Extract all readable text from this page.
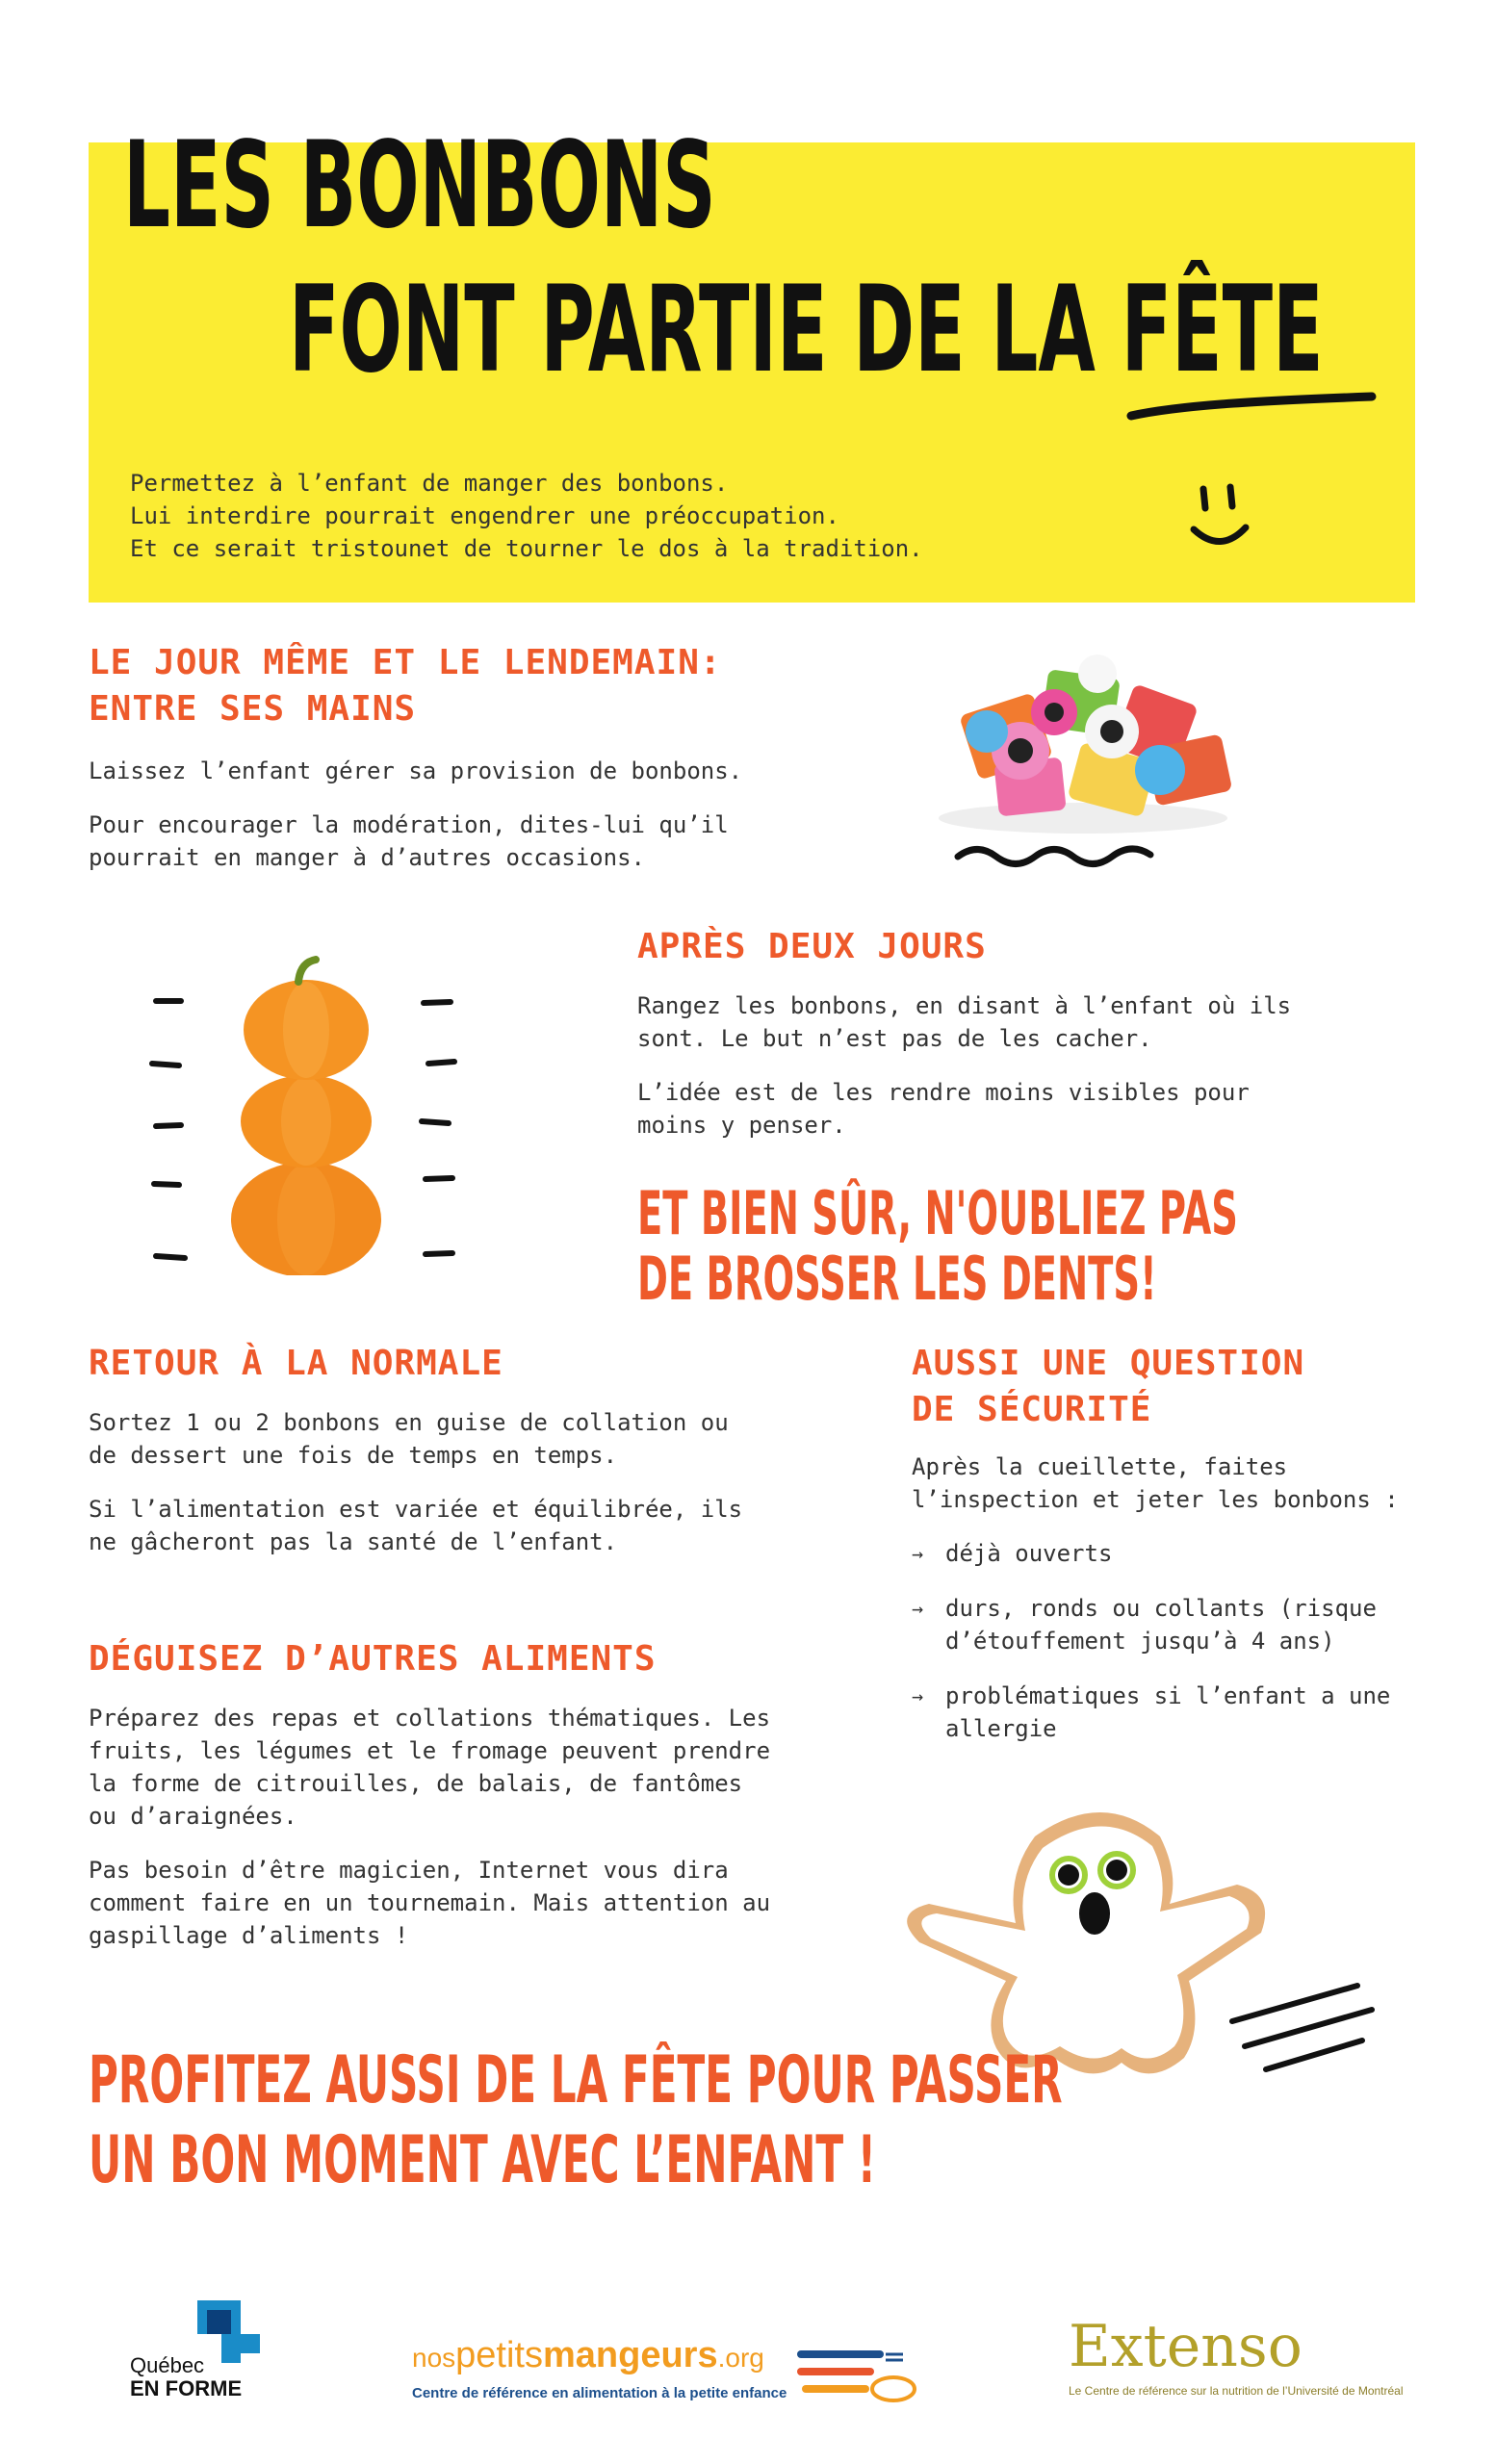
LES BONBONS
FONT PARTIE DE LA FÊTE

Permettez à l’enfant de manger des bonbons.

Lui interdire pourrait engendrer une préoccupation.

Et ce serait tristounet de tourner le dos à la tradition.

LE JOUR MÊME ET LE LENDEMAIN:
ENTRE SES MAINS

Laissez l’enfant gérer sa provision de bonbons.

Pour encourager la modération, dites-lui qu’il pourrait en manger à d’autres occasions.

APRÈS DEUX JOURS

Rangez les bonbons, en disant à l’enfant où ils sont. Le but n’est pas de les cacher.

L’idée est de les rendre moins visibles pour moins y penser.

ET BIEN SÛR, N'OUBLIEZ PAS
DE BROSSER LES DENTS!
RETOUR À LA NORMALE

Sortez 1 ou 2 bonbons en guise de collation ou de dessert une fois de temps en temps.

Si l’alimentation est variée et équilibrée, ils ne gâcheront pas la santé de l’enfant.

AUSSI UNE QUESTION
DE SÉCURITÉ

Après la cueillette, faites l’inspection et jeter les bonbons :

→ déjà ouverts
→ durs, ronds ou collants (risque d’étouffement jusqu’à 4 ans)
→ problématiques si l’enfant a une allergie
DÉGUISEZ D’AUTRES ALIMENTS

Préparez des repas et collations thématiques. Les fruits, les légumes et le fromage peuvent prendre la forme de citrouilles, de balais, de fantômes ou d’araignées.

Pas besoin d’être magicien, Internet vous dira comment faire en un tournemain. Mais attention au gaspillage d’aliments !

PROFITEZ AUSSI DE LA FÊTE POUR PASSER
UN BON MOMENT AVEC L’ENFANT !
Québec
EN FORME
nospetitsmangeurs.org
Centre de référence en alimentation à la petite enfance
Extenso
Le Centre de référence sur la nutrition de l’Université de Montréal
